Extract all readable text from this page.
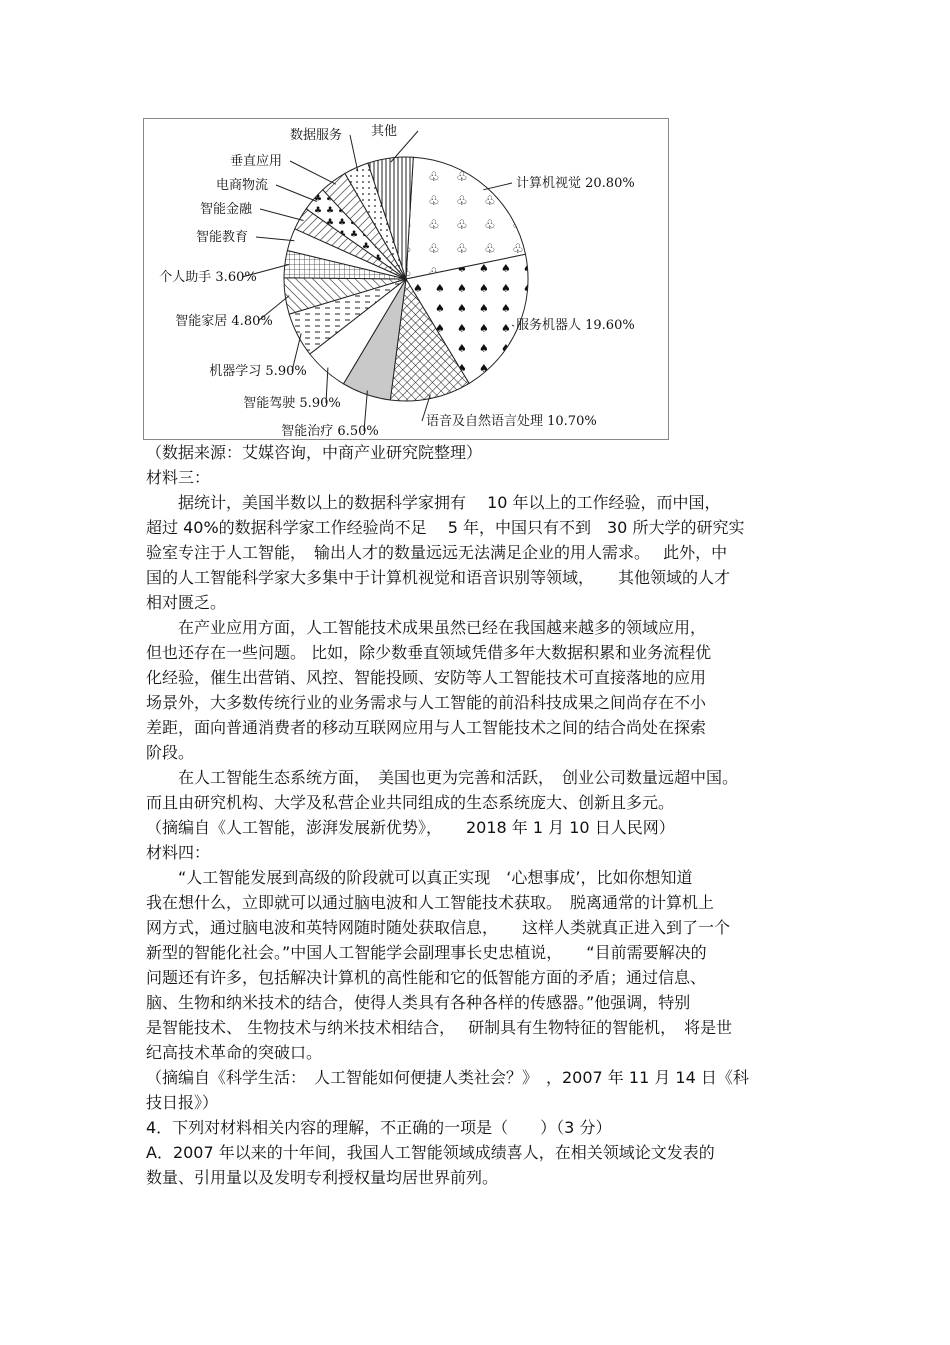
计算机视觉 20.80%
服务机器人 19.60%
语音及自然语言处理 10.70%
智能治疗 6.50%
智能驾驶 5.90%
机器学习 5.90%
智能家居 4.80%
个人助手 3.60%
智能教育
智能金融
电商物流
垂直应用
数据服务 其他

（数据来源：艾媒咨询，中商产业研究院整理）

材料三：

据统计，美国半数以上的数据科学家拥有　 10 年以上的工作经验，而中国，
超过 40%的数据科学家工作经验尚不足　 5 年，中国只有不到　30 所大学的研究实
验室专注于人工智能，　输出人才的数量远远无法满足企业的用人需求。　 此外，中
国的人工智能科学家大多集中于计算机视觉和语音识别等领域，　　其他领域的人才
相对匮乏。

在产业应用方面，人工智能技术成果虽然已经在我国越来越多的领域应用，
但也还存在一些问题。 比如，除少数垂直领域凭借多年大数据积累和业务流程优
化经验，催生出营销、风控、智能投顾、安防等人工智能技术可直接落地的应用
场景外，大多数传统行业的业务需求与人工智能的前沿科技成果之间尚存在不小
差距，面向普通消费者的移动互联网应用与人工智能技术之间的结合尚处在探索
阶段。

在人工智能生态系统方面，　美国也更为完善和活跃，　创业公司数量远超中国。
而且由研究机构、大学及私营企业共同组成的生态系统庞大、创新且多元。

（摘编自《人工智能，澎湃发展新优势》，　　2018 年 1 月 10 日人民网）

材料四：

“人工智能发展到高级的阶段就可以真正实现　‘心想事成’，比如你想知道
我在想什么，立即就可以通过脑电波和人工智能技术获取。　脱离通常的计算机上
网方式，通过脑电波和英特网随时随处获取信息，　　这样人类就真正进入到了一个
新型的智能化社会。”中国人工智能学会副理事长史忠植说，　　“目前需要解决的
问题还有许多，包括解决计算机的高性能和它的低智能方面的矛盾；通过信息、
脑、生物和纳米技术的结合，使得人类具有各种各样的传感器。”他强调，特别
是智能技术、 生物技术与纳米技术相结合，　 研制具有生物特征的智能机，　将是世
纪高技术革命的突破口。

（摘编自《科学生活：　人工智能如何便捷人类社会？》　，2007 年 11 月 14 日《科
技日报》）

4．下列对材料相关内容的理解，不正确的一项是（　　）（3 分）

A．2007 年以来的十年间，我国人工智能领域成绩喜人，在相关领域论文发表的
数量、引用量以及发明专利授权量均居世界前列。
